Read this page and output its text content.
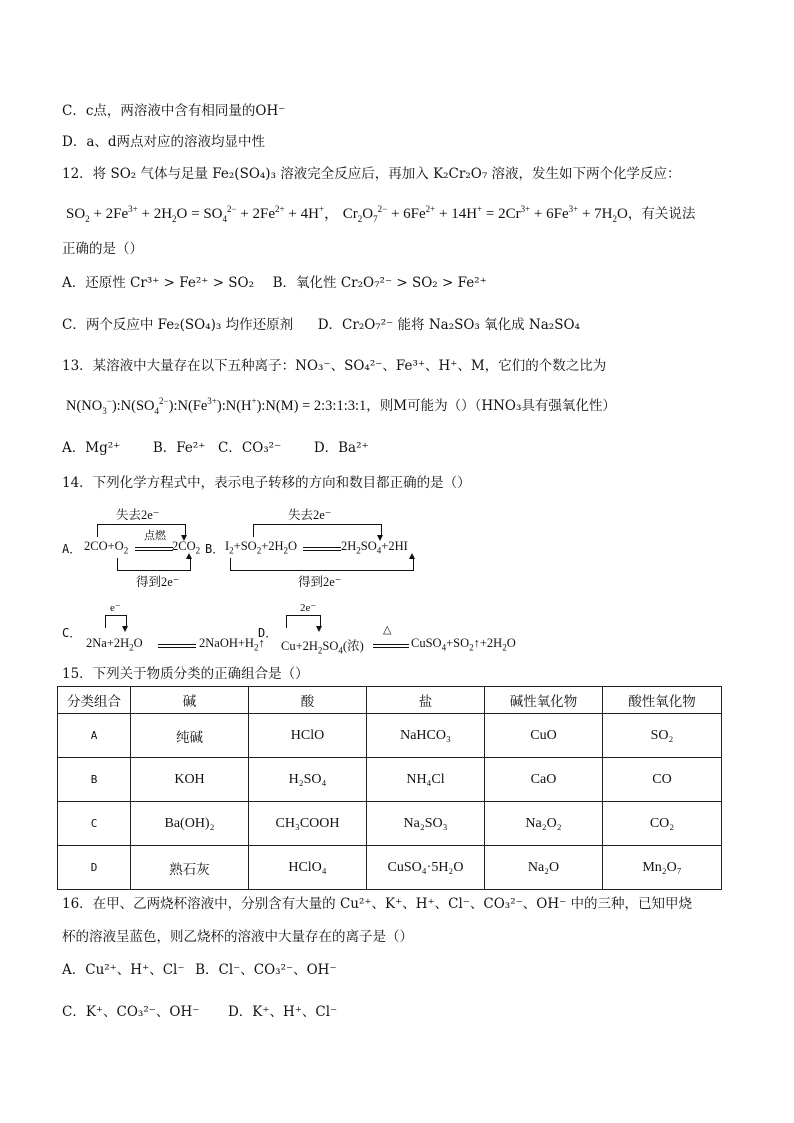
C．c点，两溶液中含有相同量的OH⁻
D．a、d两点对应的溶液均显中性
12．将 SO₂ 气体与足量 Fe₂(SO₄)₃ 溶液完全反应后，再加入 K₂Cr₂O₇ 溶液，发生如下两个化学反应：
$SO_2 + 2Fe^{3+} + 2H_2O = SO_4^{2-} + 2Fe^{2+} + 4H^+$， $Cr_2O_7^{2-} + 6Fe^{2+} + 14H^+ = 2Cr^{3+} + 6Fe^{3+} + 7H_2O$，有关说法
正确的是（）
A．还原性 Cr³⁺ > Fe²⁺ > SO₂ B．氧化性 Cr₂O₇²⁻ > SO₂ > Fe²⁺
C．两个反应中 Fe₂(SO₄)₃ 均作还原剂 D．Cr₂O₇²⁻ 能将 Na₂SO₃ 氧化成 Na₂SO₄
13．某溶液中大量存在以下五种离子：NO₃⁻、SO₄²⁻、Fe³⁺、H⁺、M，它们的个数之比为
$N(NO_3^-):N(SO_4^{2-}):N(Fe^{3+}):N(H^+):N(M)$ = 2:3:1:3:1，则M可能为（）（HNO₃具有强氧化性）
A．Mg²⁺ B．Fe²⁺ C．CO₃²⁻ D．Ba²⁺
14．下列化学方程式中，表示电子转移的方向和数目都正确的是（）
失去2e⁻
点燃
A． $2CO+O_2$	$2CO_2$
得到2e⁻
B．
失去2e⁻
$I_2+SO_2+2H_2O$	$2H_2SO_4+2HI$
得到2e⁻
C．
e⁻
$2Na+2H_2O$	$2NaOH+H_2↑$
D．
2e⁻
△
$Cu+2H_2SO_4$(浓)	$CuSO_4+SO_2↑+2H_2O$
15．下列关于物质分类的正确组合是（）
分类组合	碱	酸	盐	碱性氧化物	酸性氧化物
A	纯碱	HClO	NaHCO₃	CuO	SO₂
B	KOH	H₂SO₄	NH₄Cl	CaO	CO
C	Ba(OH)₂	CH₃COOH	Na₂SO₃	Na₂O₂	CO₂
D	熟石灰	HClO₄	CuSO₄·5H₂O	Na₂O	Mn₂O₇
16．在甲、乙两烧杯溶液中，分别含有大量的 Cu²⁺、K⁺、H⁺、Cl⁻、CO₃²⁻、OH⁻ 中的三种，已知甲烧
杯的溶液呈蓝色，则乙烧杯的溶液中大量存在的离子是（）
A．Cu²⁺、H⁺、Cl⁻ B．Cl⁻、CO₃²⁻、OH⁻
C．K⁺、CO₃²⁻、OH⁻ D．K⁺、H⁺、Cl⁻
